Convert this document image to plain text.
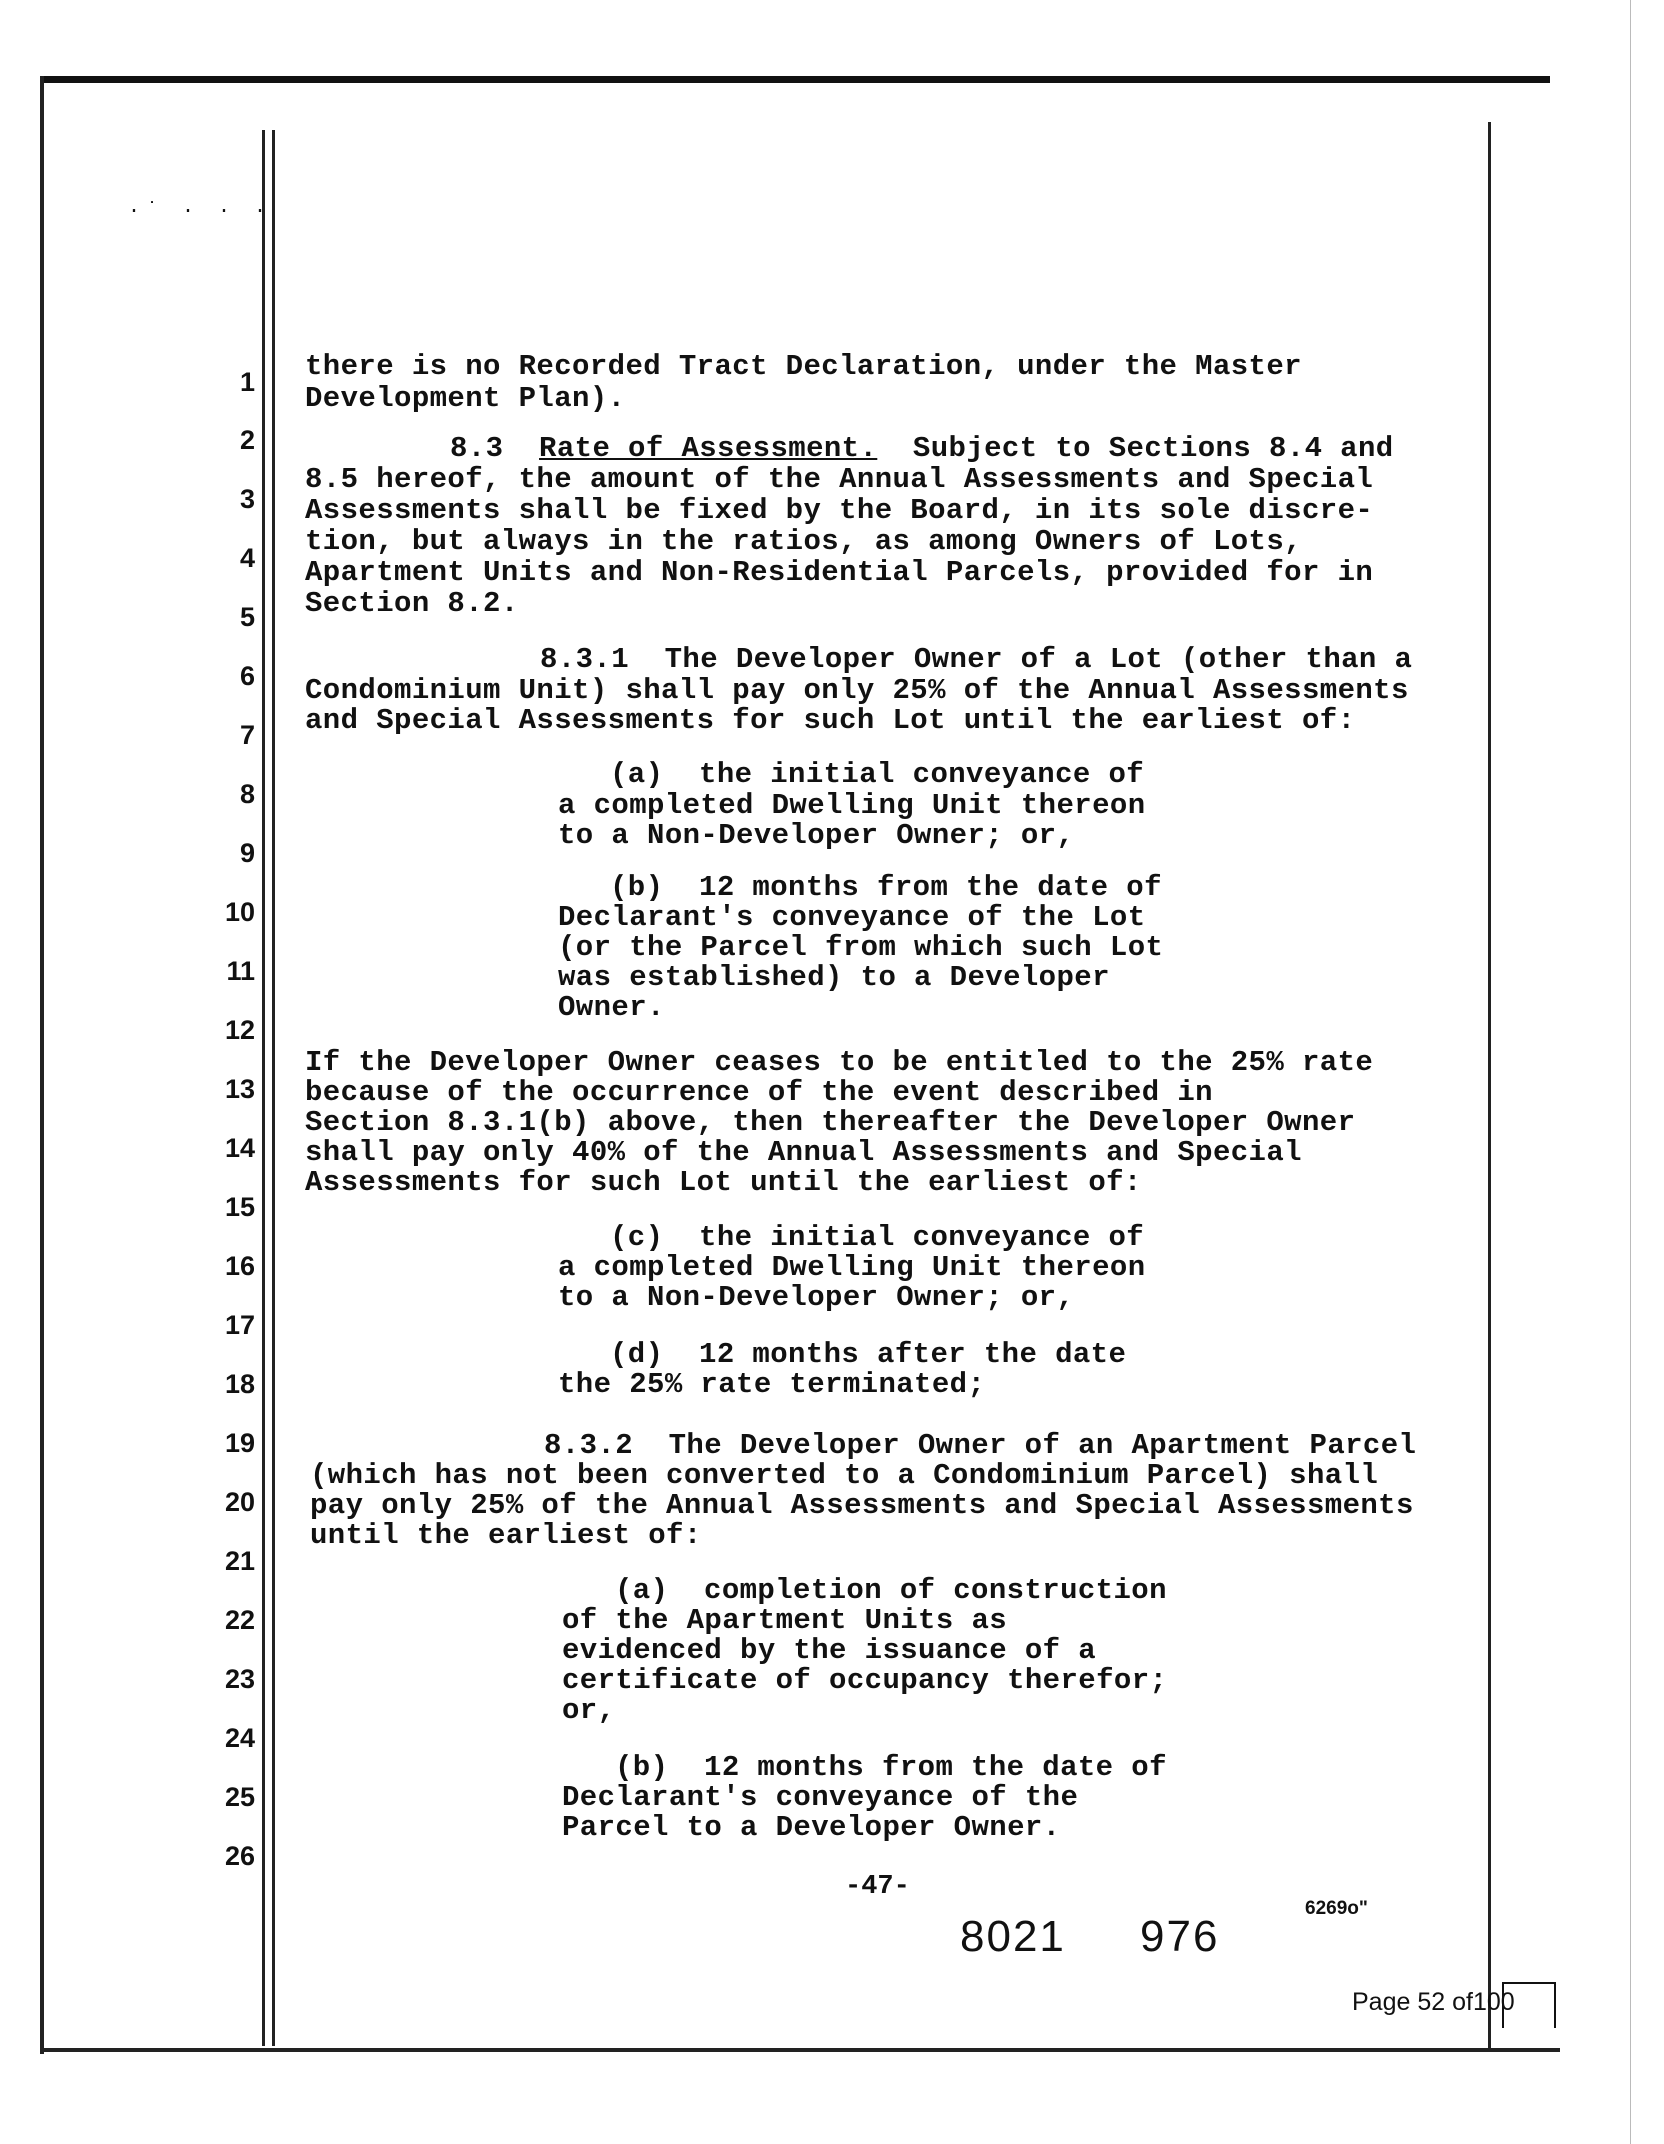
·˙ · · ·
1
2
3
4
5
6
7
8
9
10
11
12
13
14
15
16
17
18
19
20
21
22
23
24
25
26
there is no Recorded Tract Declaration, under the Master
Development Plan).
8.3 Rate of Assessment. Subject to Sections 8.4 and
8.5 hereof, the amount of the Annual Assessments and Special
Assessments shall be fixed by the Board, in its sole discre-
tion, but always in the ratios, as among Owners of Lots,
Apartment Units and Non-Residential Parcels, provided for in
Section 8.2.
8.3.1  The Developer Owner of a Lot (other than a
Condominium Unit) shall pay only 25% of the Annual Assessments
and Special Assessments for such Lot until the earliest of:
(a)  the initial conveyance of
a completed Dwelling Unit thereon
to a Non-Developer Owner; or,
(b)  12 months from the date of
Declarant's conveyance of the Lot
(or the Parcel from which such Lot
was established) to a Developer
Owner.
If the Developer Owner ceases to be entitled to the 25% rate
because of the occurrence of the event described in
Section 8.3.1(b) above, then thereafter the Developer Owner
shall pay only 40% of the Annual Assessments and Special
Assessments for such Lot until the earliest of:
(c)  the initial conveyance of
a completed Dwelling Unit thereon
to a Non-Developer Owner; or,
(d)  12 months after the date
the 25% rate terminated;
8.3.2  The Developer Owner of an Apartment Parcel
(which has not been converted to a Condominium Parcel) shall
pay only 25% of the Annual Assessments and Special Assessments
until the earliest of:
(a)  completion of construction
of the Apartment Units as
evidenced by the issuance of a
certificate of occupancy therefor;
or,
(b)  12 months from the date of
Declarant's conveyance of the
Parcel to a Developer Owner.
-47-
8021 976
6269o"
Page 52 of100
